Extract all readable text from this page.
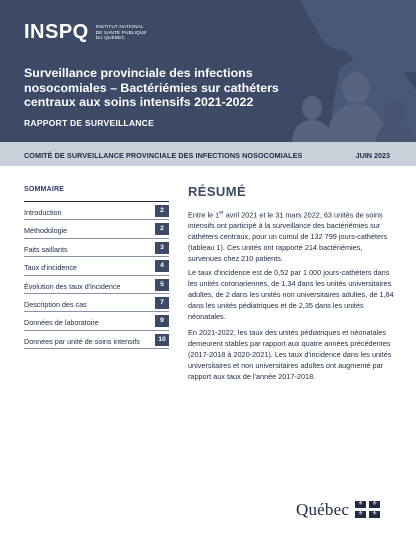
INSPQ INSTITUT NATIONAL
DE SANTÉ PUBLIQUE
DU QUÉBEC
Surveillance provinciale des infections nosocomiales – Bactériémies sur cathéters centraux aux soins intensifs 2021-2022
RAPPORT DE SURVEILLANCE
COMITÉ DE SURVEILLANCE PROVINCIALE DES INFECTIONS NOSOCOMIALES	JUIN 2023
SOMMAIRE
Introduction	2
Méthodologie	2
Faits saillants	3
Taux d'incidence	4
Évolution des taux d'incidence	5
Description des cas	7
Données de laboratoire	9
Données par unité de soins intensifs	10
RÉSUMÉ

Entre le 1er avril 2021 et le 31 mars 2022, 63 unités de soins intensifs ont participé à la surveillance des bactériémies sur cathéters centraux, pour un cumul de 132 799 jours-cathéters (tableau 1). Ces unités ont rapporté 214 bactériémies, survenues chez 210 patients.

Le taux d'incidence est de 0,52 par 1 000 jours-cathéters dans les unités coronariennes, de 1,34 dans les unités universitaires adultes, de 2 dans les unités non universitaires adultes, de 1,84 dans les unités pédiatriques et de 2,35 dans les unités néonatales.

En 2021-2022, les taux des unités pédiatriques et néonatales demeurent stables par rapport aux quatre années précédentes (2017-2018 à 2020-2021). Les taux d'incidence dans les unités universitaires et non universitaires adultes ont augmenté par rapport aux taux de l'année 2017-2018.

Québec	⚜	⚜
⚜	⚜
